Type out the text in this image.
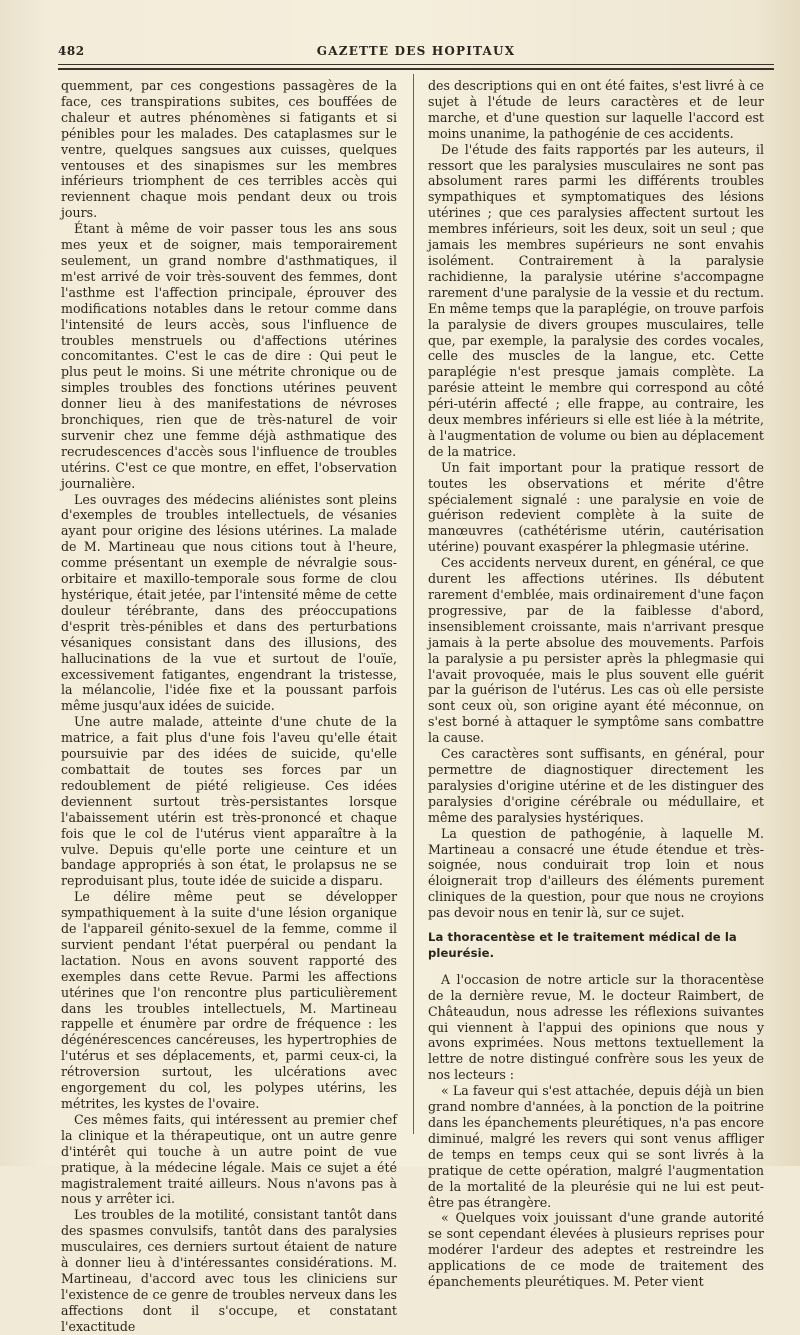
482	GAZETTE DES HOPITAUX

quemment, par ces congestions passagères de la face, ces transpirations subites, ces bouffées de chaleur et autres phénomènes si fatigants et si pénibles pour les malades. Des cataplasmes sur le ventre, quelques sangsues aux cuisses, quelques ventouses et des sinapismes sur les membres inférieurs triomphent de ces terribles accès qui reviennent chaque mois pendant deux ou trois jours.

Étant à même de voir passer tous les ans sous mes yeux et de soigner, mais temporairement seulement, un grand nombre d'asthmatiques, il m'est arrivé de voir très-souvent des femmes, dont l'asthme est l'affection principale, éprouver des modifications notables dans le retour comme dans l'intensité de leurs accès, sous l'influence de troubles menstruels ou d'affections utérines concomitantes. C'est le cas de dire : Qui peut le plus peut le moins. Si une métrite chronique ou de simples troubles des fonctions utérines peuvent donner lieu à des manifestations de névroses bronchiques, rien que de très-naturel de voir survenir chez une femme déjà asthmatique des recrudescences d'accès sous l'influence de troubles utérins. C'est ce que montre, en effet, l'observation journalière.

Les ouvrages des médecins aliénistes sont pleins d'exemples de troubles intellectuels, de vésanies ayant pour origine des lésions utérines. La malade de M. Martineau que nous citions tout à l'heure, comme présentant un exemple de névralgie sous-orbitaire et maxillo-temporale sous forme de clou hystérique, était jetée, par l'intensité même de cette douleur térébrante, dans des préoccupations d'esprit très-pénibles et dans des perturbations vésaniques consistant dans des illusions, des hallucinations de la vue et surtout de l'ouïe, excessivement fatigantes, engendrant la tristesse, la mélancolie, l'idée fixe et la poussant parfois même jusqu'aux idées de suicide.

Une autre malade, atteinte d'une chute de la matrice, a fait plus d'une fois l'aveu qu'elle était poursuivie par des idées de suicide, qu'elle combattait de toutes ses forces par un redoublement de piété religieuse. Ces idées deviennent surtout très-persistantes lorsque l'abaissement utérin est très-prononcé et chaque fois que le col de l'utérus vient apparaître à la vulve. Depuis qu'elle porte une ceinture et un bandage appropriés à son état, le prolapsus ne se reproduisant plus, toute idée de suicide a disparu.

Le délire même peut se développer sympathiquement à la suite d'une lésion organique de l'appareil génito-sexuel de la femme, comme il survient pendant l'état puerpéral ou pendant la lactation. Nous en avons souvent rapporté des exemples dans cette Revue. Parmi les affections utérines que l'on rencontre plus particulièrement dans les troubles intellectuels, M. Martineau rappelle et énumère par ordre de fréquence : les dégénérescences cancéreuses, les hypertrophies de l'utérus et ses déplacements, et, parmi ceux-ci, la rétroversion surtout, les ulcérations avec engorgement du col, les polypes utérins, les métrites, les kystes de l'ovaire.

Ces mêmes faits, qui intéressent au premier chef la clinique et la thérapeutique, ont un autre genre d'intérêt qui touche à un autre point de vue pratique, à la médecine légale. Mais ce sujet a été magistralement traité ailleurs. Nous n'avons pas à nous y arrêter ici.

Les troubles de la motilité, consistant tantôt dans des spasmes convulsifs, tantôt dans des paralysies musculaires, ces derniers surtout étaient de nature à donner lieu à d'intéressantes considérations. M. Martineau, d'accord avec tous les cliniciens sur l'existence de ce genre de troubles nerveux dans les affections dont il s'occupe, et constatant l'exactitude

des descriptions qui en ont été faites, s'est livré à ce sujet à l'étude de leurs caractères et de leur marche, et d'une question sur laquelle l'accord est moins unanime, la pathogénie de ces accidents.

De l'étude des faits rapportés par les auteurs, il ressort que les paralysies musculaires ne sont pas absolument rares parmi les différents troubles sympathiques et symptomatiques des lésions utérines ; que ces paralysies affectent surtout les membres inférieurs, soit les deux, soit un seul ; que jamais les membres supérieurs ne sont envahis isolément. Contrairement à la paralysie rachidienne, la paralysie utérine s'accompagne rarement d'une paralysie de la vessie et du rectum. En même temps que la paraplégie, on trouve parfois la paralysie de divers groupes musculaires, telle que, par exemple, la paralysie des cordes vocales, celle des muscles de la langue, etc. Cette paraplégie n'est presque jamais complète. La parésie atteint le membre qui correspond au côté péri-utérin affecté ; elle frappe, au contraire, les deux membres inférieurs si elle est liée à la métrite, à l'augmentation de volume ou bien au déplacement de la matrice.

Un fait important pour la pratique ressort de toutes les observations et mérite d'être spécialement signalé : une paralysie en voie de guérison redevient complète à la suite de manœuvres (cathétérisme utérin, cautérisation utérine) pouvant exaspérer la phlegmasie utérine.

Ces accidents nerveux durent, en général, ce que durent les affections utérines. Ils débutent rarement d'emblée, mais ordinairement d'une façon progressive, par de la faiblesse d'abord, insensiblement croissante, mais n'arrivant presque jamais à la perte absolue des mouvements. Parfois la paralysie a pu persister après la phlegmasie qui l'avait provoquée, mais le plus souvent elle guérit par la guérison de l'utérus. Les cas où elle persiste sont ceux où, son origine ayant été méconnue, on s'est borné à attaquer le symptôme sans combattre la cause.

Ces caractères sont suffisants, en général, pour permettre de diagnostiquer directement les paralysies d'origine utérine et de les distinguer des paralysies d'origine cérébrale ou médullaire, et même des paralysies hystériques.

La question de pathogénie, à laquelle M. Martineau a consacré une étude étendue et très-soignée, nous conduirait trop loin et nous éloignerait trop d'ailleurs des éléments purement cliniques de la question, pour que nous ne croyions pas devoir nous en tenir là, sur ce sujet.

La thoracentèse et le traitement médical de la pleurésie.

A l'occasion de notre article sur la thoracentèse de la dernière revue, M. le docteur Raimbert, de Châteaudun, nous adresse les réflexions suivantes qui viennent à l'appui des opinions que nous y avons exprimées. Nous mettons textuellement la lettre de notre distingué confrère sous les yeux de nos lecteurs :

« La faveur qui s'est attachée, depuis déjà un bien grand nombre d'années, à la ponction de la poitrine dans les épanchements pleurétiques, n'a pas encore diminué, malgré les revers qui sont venus affliger de temps en temps ceux qui se sont livrés à la pratique de cette opération, malgré l'augmentation de la mortalité de la pleurésie qui ne lui est peut-être pas étrangère.

« Quelques voix jouissant d'une grande autorité se sont cependant élevées à plusieurs reprises pour modérer l'ardeur des adeptes et restreindre les applications de ce mode de traitement des épanchements pleurétiques. M. Peter vient
